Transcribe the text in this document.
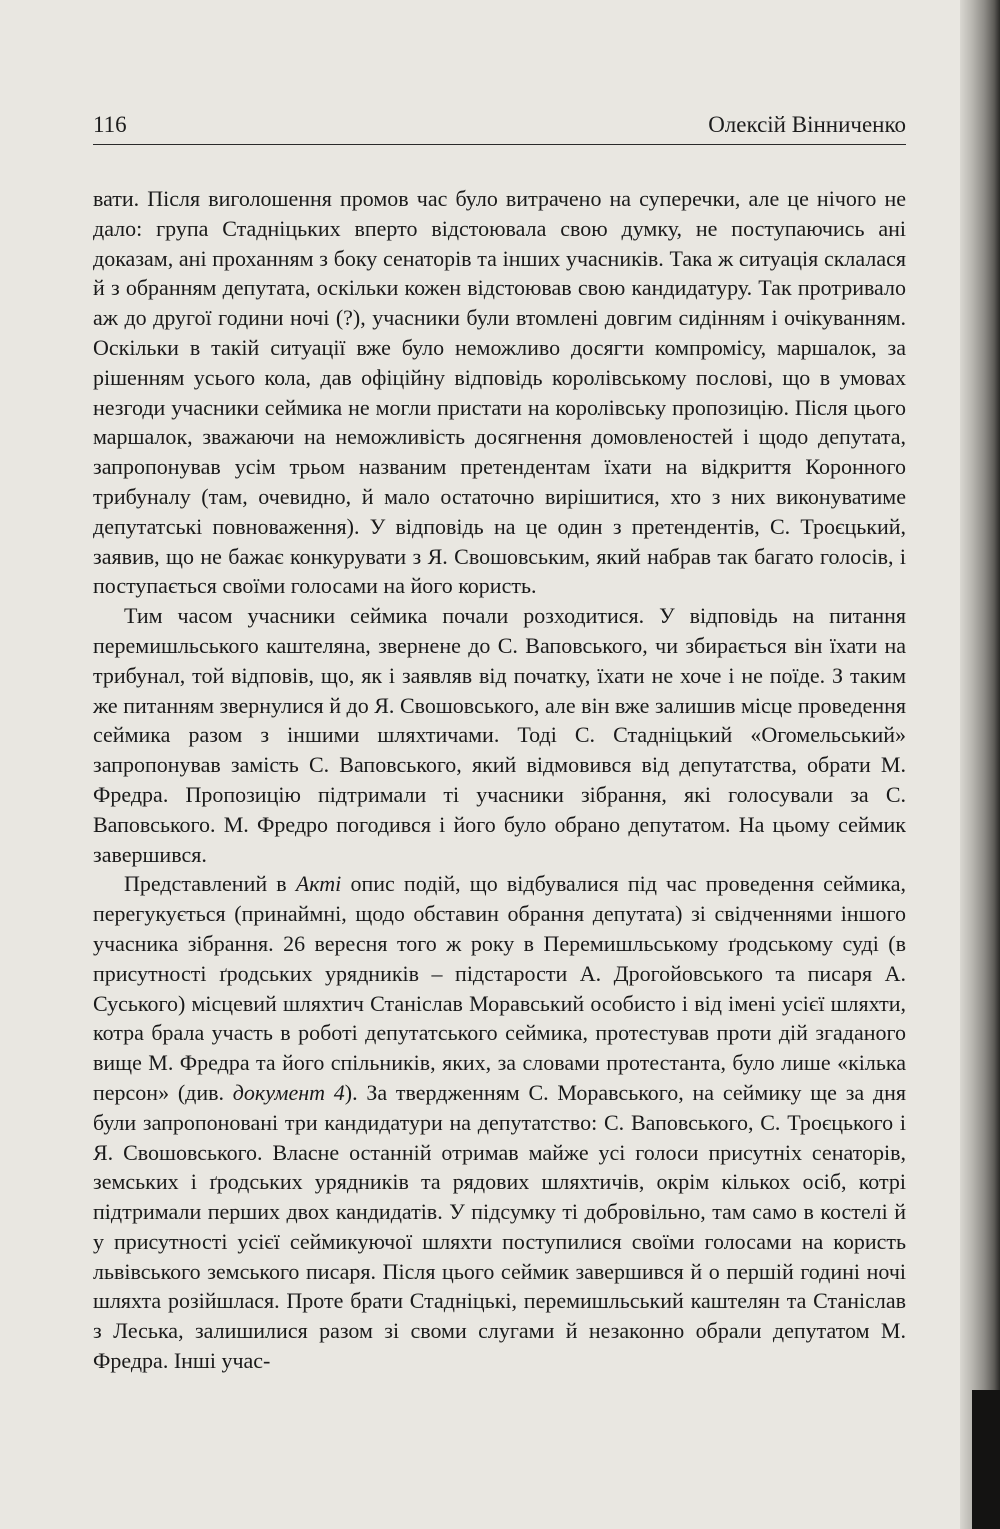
116	Олексій Вінниченко

вати. Після виголошення промов час було витрачено на суперечки, але це нічого не дало: група Стадніцьких вперто відстоювала свою думку, не поступаючись ані доказам, ані проханням з боку сенаторів та інших учасників. Така ж ситуація склалася й з обранням депутата, оскільки кожен відстоював свою кандидатуру. Так протривало аж до другої години ночі (?), учасники були втомлені довгим сидінням і очікуванням. Оскільки в такій ситуації вже було неможливо досягти компромісу, маршалок, за рішенням усього кола, дав офіційну відповідь королівському послові, що в умовах незгоди учасники сеймика не могли пристати на королівську пропозицію. Після цього маршалок, зважаючи на неможливість досягнення домовленостей і щодо депутата, запропонував усім трьом названим претендентам їхати на відкриття Коронного трибуналу (там, очевидно, й мало остаточно вирішитися, хто з них виконуватиме депутатські повноваження). У відповідь на це один з претендентів, С. Троєцький, заявив, що не бажає конкурувати з Я. Свошовським, який набрав так багато голосів, і поступається своїми голосами на його користь.

Тим часом учасники сеймика почали розходитися. У відповідь на питання перемишльського каштеляна, звернене до С. Ваповського, чи збирається він їхати на трибунал, той відповів, що, як і заявляв від початку, їхати не хоче і не поїде. З таким же питанням звернулися й до Я. Свошовського, але він вже залишив місце проведення сеймика разом з іншими шляхтичами. Тоді С. Стадніцький «Огомельський» запропонував замість С. Ваповського, який відмовився від депутатства, обрати М. Фредра. Пропозицію підтримали ті учасники зібрання, які голосували за С. Ваповського. М. Фредро погодився і його було обрано депутатом. На цьому сеймик завершився.

Представлений в Акті опис подій, що відбувалися під час проведення сеймика, перегукується (принаймні, щодо обставин обрання депутата) зі свідченнями іншого учасника зібрання. 26 вересня того ж року в Перемишльському ґродському суді (в присутності ґродських урядників – підстарости А. Дрогойовського та писаря А. Суського) місцевий шляхтич Станіслав Моравський особисто і від імені усієї шляхти, котра брала участь в роботі депутатського сеймика, протестував проти дій згаданого вище М. Фредра та його спільників, яких, за словами протестанта, було лише «кілька персон» (див. документ 4). За твердженням С. Моравського, на сеймику ще за дня були запропоновані три кандидатури на депутатство: С. Ваповського, С. Троєцького і Я. Свошовського. Власне останній отримав майже усі голоси присутніх сенаторів, земських і ґродських урядників та рядових шляхтичів, окрім кількох осіб, котрі підтримали перших двох кандидатів. У підсумку ті добровільно, там само в костелі й у присутності усієї сеймикуючої шляхти поступилися своїми голосами на користь львівського земського писаря. Після цього сеймик завершився й о першій годині ночі шляхта розійшлася. Проте брати Стадніцькі, перемишльський каштелян та Станіслав з Леська, залишилися разом зі своми слугами й незаконно обрали депутатом М. Фредра. Інші учас-
